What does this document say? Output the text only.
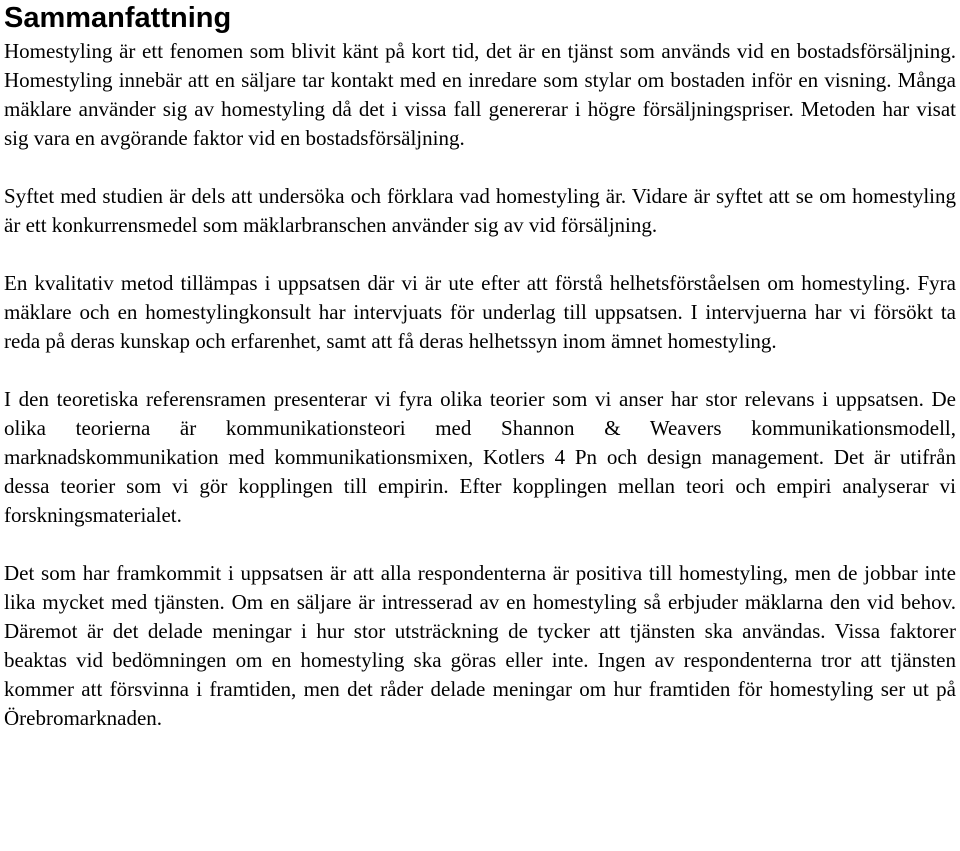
Sammanfattning

Homestyling är ett fenomen som blivit känt på kort tid, det är en tjänst som används vid en bostadsförsäljning. Homestyling innebär att en säljare tar kontakt med en inredare som stylar om bostaden inför en visning. Många mäklare använder sig av homestyling då det i vissa fall genererar i högre försäljningspriser. Metoden har visat sig vara en avgörande faktor vid en bostadsförsäljning.

Syftet med studien är dels att undersöka och förklara vad homestyling är. Vidare är syftet att se om homestyling är ett konkurrensmedel som mäklarbranschen använder sig av vid försäljning.

En kvalitativ metod tillämpas i uppsatsen där vi är ute efter att förstå helhetsförståelsen om homestyling. Fyra mäklare och en homestylingkonsult har intervjuats för underlag till uppsatsen. I intervjuerna har vi försökt ta reda på deras kunskap och erfarenhet, samt att få deras helhetssyn inom ämnet homestyling.

I den teoretiska referensramen presenterar vi fyra olika teorier som vi anser har stor relevans i uppsatsen. De olika teorierna är kommunikationsteori med Shannon & Weavers kommunikationsmodell, marknadskommunikation med kommunikationsmixen, Kotlers 4 Pn och design management. Det är utifrån dessa teorier som vi gör kopplingen till empirin. Efter kopplingen mellan teori och empiri analyserar vi forskningsmaterialet.

Det som har framkommit i uppsatsen är att alla respondenterna är positiva till homestyling, men de jobbar inte lika mycket med tjänsten. Om en säljare är intresserad av en homestyling så erbjuder mäklarna den vid behov. Däremot är det delade meningar i hur stor utsträckning de tycker att tjänsten ska användas. Vissa faktorer beaktas vid bedömningen om en homestyling ska göras eller inte. Ingen av respondenterna tror att tjänsten kommer att försvinna i framtiden, men det råder delade meningar om hur framtiden för homestyling ser ut på Örebromarknaden.
